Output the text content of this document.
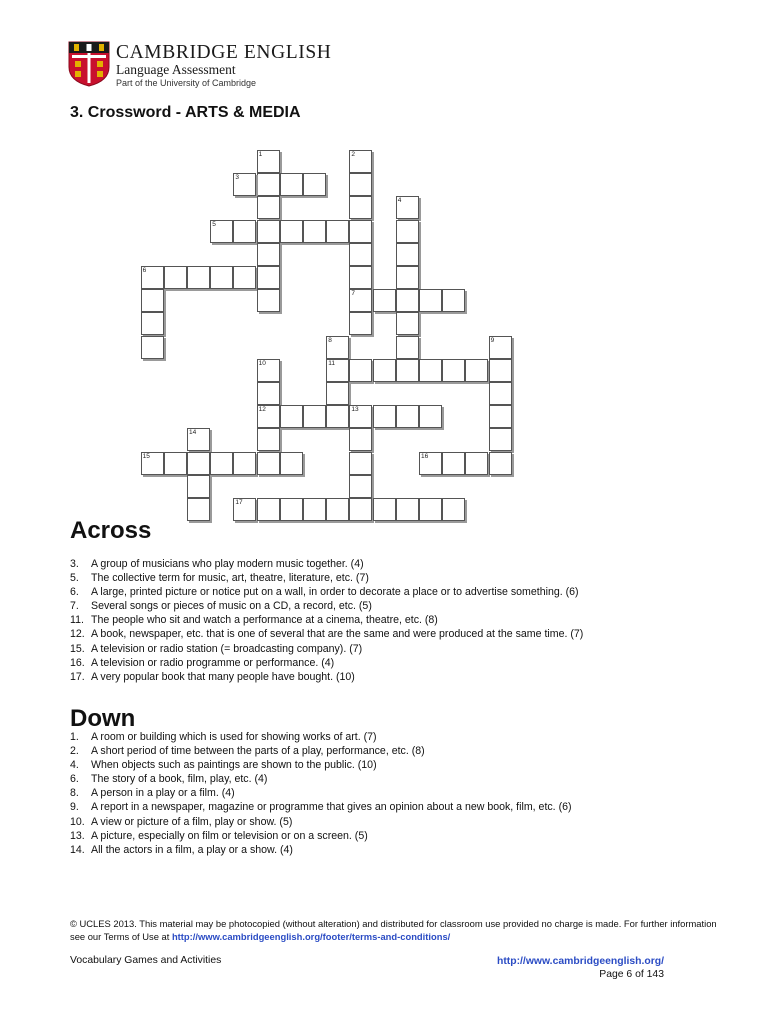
CAMBRIDGE ENGLISH
Language Assessment
Part of the University of Cambridge
3. Crossword - ARTS & MEDIA
1	2
3
4
5
6
7
8	9
10	11
12	13
14
15	16
17
Across
3. A group of musicians who play modern music together. (4)
5. The collective term for music, art, theatre, literature, etc. (7)
6. A large, printed picture or notice put on a wall, in order to decorate a place or to advertise something. (6)
7. Several songs or pieces of music on a CD, a record, etc. (5)
11. The people who sit and watch a performance at a cinema, theatre, etc. (8)
12. A book, newspaper, etc. that is one of several that are the same and were produced at the same time. (7)
15. A television or radio station (= broadcasting company). (7)
16. A television or radio programme or performance. (4)
17. A very popular book that many people have bought. (10)
Down
1. A room or building which is used for showing works of art. (7)
2. A short period of time between the parts of a play, performance, etc. (8)
4. When objects such as paintings are shown to the public. (10)
6. The story of a book, film, play, etc. (4)
8. A person in a play or a film. (4)
9. A report in a newspaper, magazine or programme that gives an opinion about a new book, film, etc. (6)
10. A view or picture of a film, play or show. (5)
13. A picture, especially on film or television or on a screen. (5)
14. All the actors in a film, a play or a show. (4)
© UCLES 2013. This material may be photocopied (without alteration) and distributed for classroom use provided no charge is made. For further information see our Terms of Use at http://www.cambridgeenglish.org/footer/terms-and-conditions/
Vocabulary Games and Activities	http://www.cambridgeenglish.org/
Page 6 of 143
